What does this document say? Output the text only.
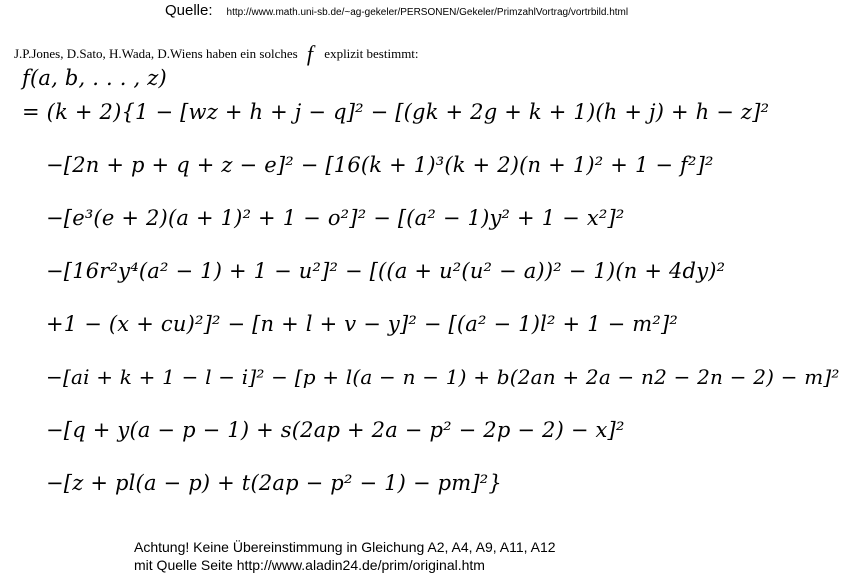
Quelle: http://www.math.uni-sb.de/~ag-gekeler/PERSONEN/Gekeler/PrimzahlVortrag/vortrbild.html
J.P.Jones, D.Sato, H.Wada, D.Wiens haben ein solches f explizit bestimmt:
f(a, b, . . . , z)
= (k + 2){1 − [wz + h + j − q]² − [(gk + 2g + k + 1)(h + j) + h − z]²
−[2n + p + q + z − e]² − [16(k + 1)³(k + 2)(n + 1)² + 1 − f²]²
−[e³(e + 2)(a + 1)² + 1 − o²]² − [(a² − 1)y² + 1 − x²]²
−[16r²y⁴(a² − 1) + 1 − u²]² − [((a + u²(u² − a))² − 1)(n + 4dy)²
+1 − (x + cu)²]² − [n + l + v − y]² − [(a² − 1)l² + 1 − m²]²
−[ai + k + 1 − l − i]² − [p + l(a − n − 1) + b(2an + 2a − n2 − 2n − 2) − m]²
−[q + y(a − p − 1) + s(2ap + 2a − p² − 2p − 2) − x]²
−[z + pl(a − p) + t(2ap − p² − 1) − pm]²}
Achtung! Keine Übereinstimmung in Gleichung A2, A4, A9, A11, A12
mit Quelle Seite http://www.aladin24.de/prim/original.htm
